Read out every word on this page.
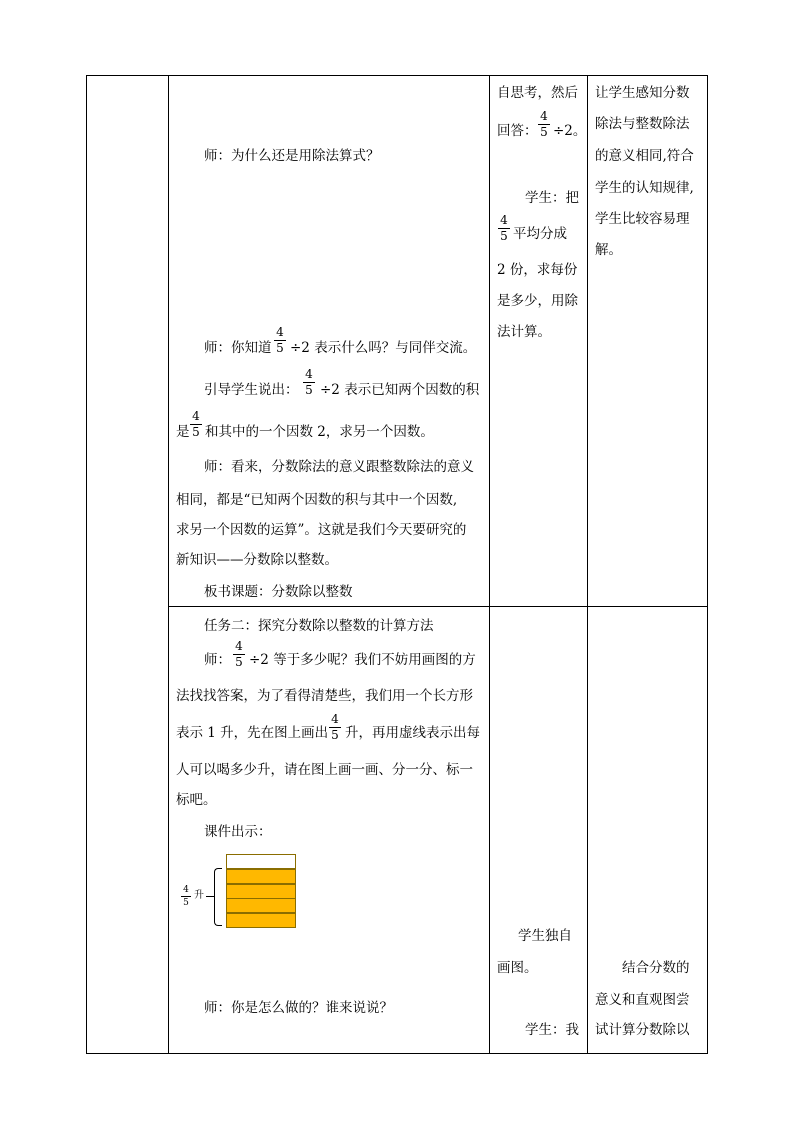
师：为什么还是用除法算式？
师：你知道 $\frac{4}{5} \div 2$ 表示什么吗？与同伴交流。
引导学生说出： $\frac{4}{5} \div 2$ 表示已知两个因数的积
是 $\frac{4}{5}$ 和其中的一个因数 2，求另一个因数。
师：看来，分数除法的意义跟整数除法的意义
相同，都是“已知两个因数的积与其中一个因数,
求另一个因数的运算”。这就是我们今天要研究的
新知识——分数除以整数。
板书课题：分数除以整数
任务二：探究分数除以整数的计算方法
师： $\frac{4}{5} \div 2$ 等于多少呢？我们不妨用画图的方
法找找答案，为了看得清楚些，我们用一个长方形
表示 1 升，先在图上画出 $\frac{4}{5}$ 升，再用虚线表示出每
人可以喝多少升，请在图上画一画、分一分、标一
标吧。
课件出示：
$\frac{4}{5}$ 升
师：你是怎么做的？谁来说说？
自思考，然后
回答： $\frac{4}{5} \div 2$。
学生：把
$\frac{4}{5}$ 平均分成
2 份，求每份
是多少，用除
法计算。
学生独自
画图。
学生：我
让学生感知分数
除法与整数除法
的意义相同,符合
学生的认知规律,
学生比较容易理
解。
结合分数的
意义和直观图尝
试计算分数除以
